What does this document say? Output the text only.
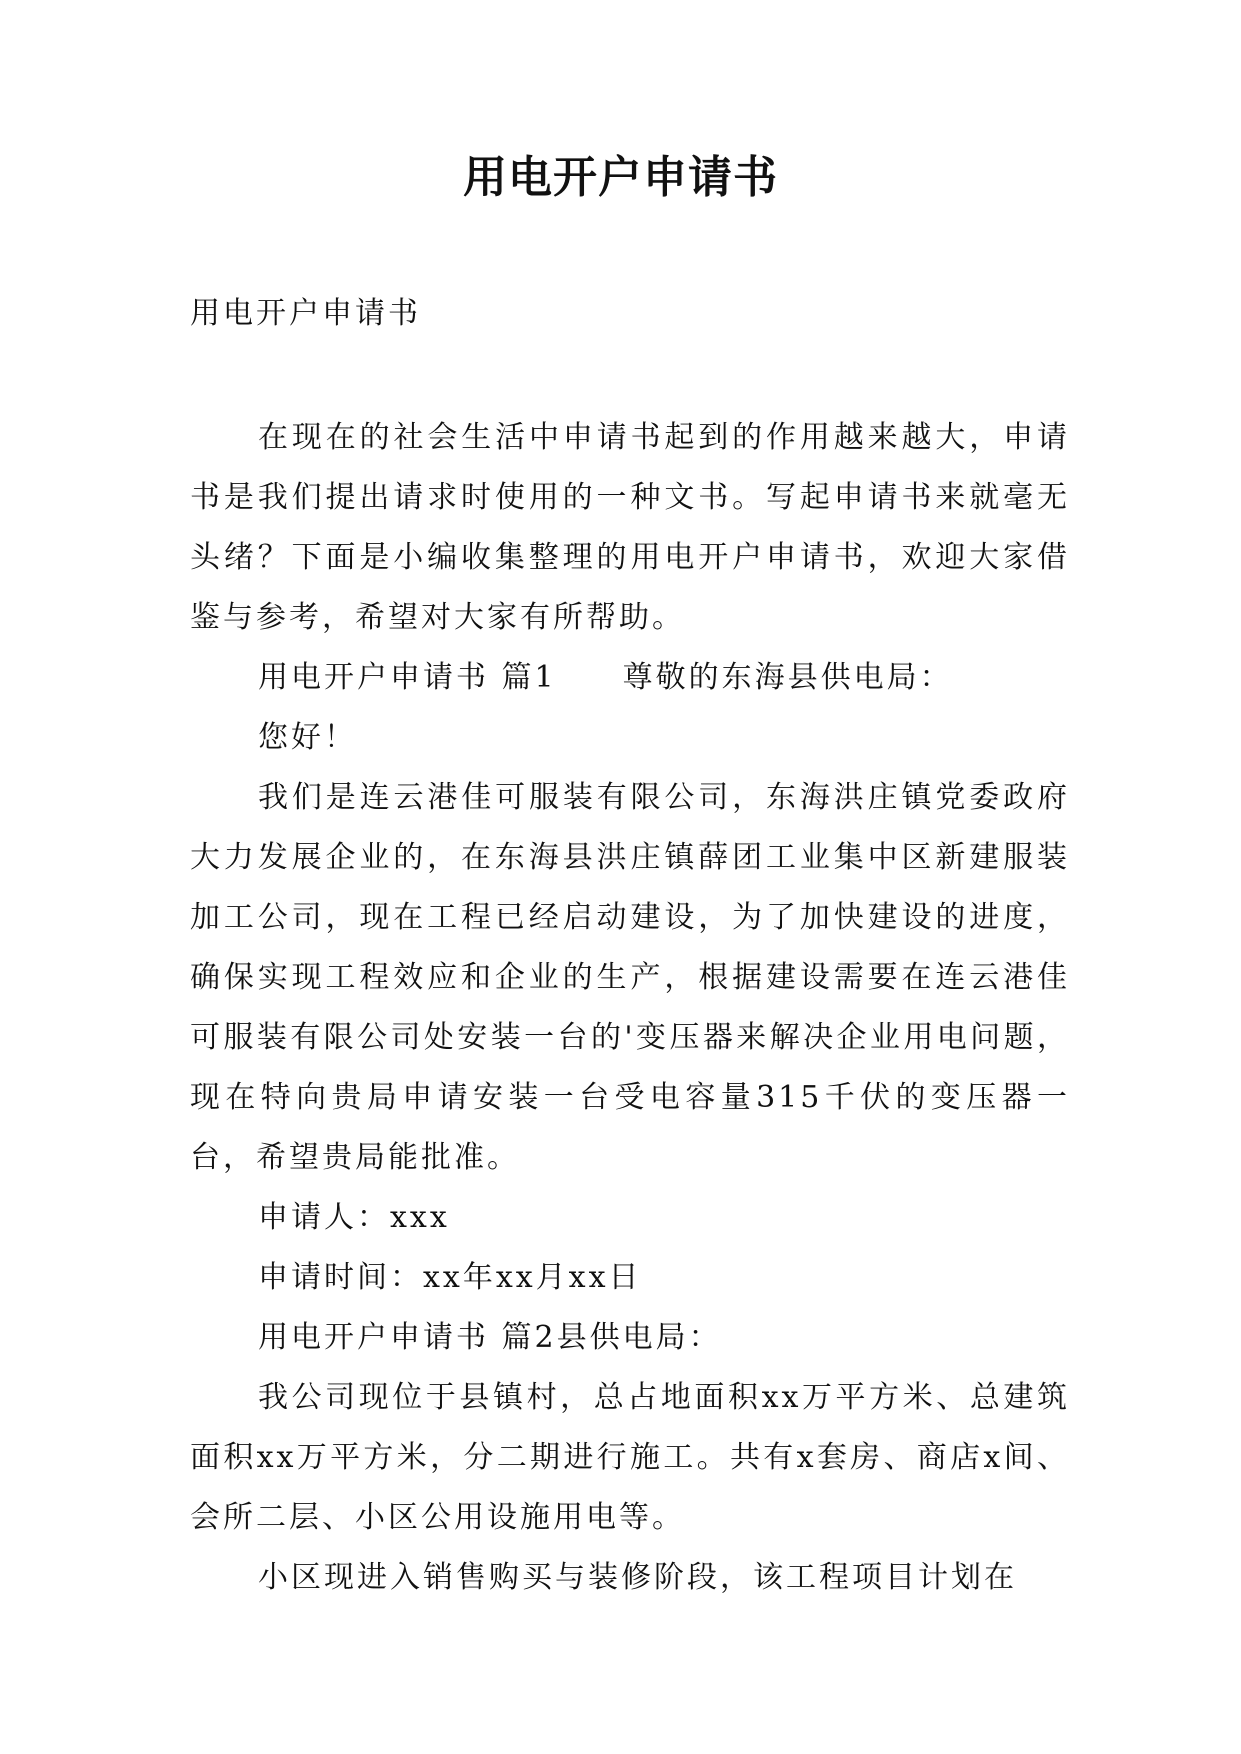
用电开户申请书
用电开户申请书

在现在的社会生活中申请书起到的作用越来越大，申请书是我们提出请求时使用的一种文书。写起申请书来就毫无头绪？下面是小编收集整理的用电开户申请书，欢迎大家借鉴与参考，希望对大家有所帮助。

用电开户申请书 篇1　　尊敬的东海县供电局：

您好！

我们是连云港佳可服装有限公司，东海洪庄镇党委政府大力发展企业的，在东海县洪庄镇薛团工业集中区新建服装加工公司，现在工程已经启动建设，为了加快建设的进度，确保实现工程效应和企业的生产，根据建设需要在连云港佳可服装有限公司处安装一台的'变压器来解决企业用电问题，现在特向贵局申请安装一台受电容量315千伏的变压器一台，希望贵局能批准。

申请人：xxx

申请时间：xx年xx月xx日

用电开户申请书 篇2县供电局：

我公司现位于县镇村，总占地面积xx万平方米、总建筑面积xx万平方米，分二期进行施工。共有x套房、商店x间、会所二层、小区公用设施用电等。

小区现进入销售购买与装修阶段，该工程项目计划在
